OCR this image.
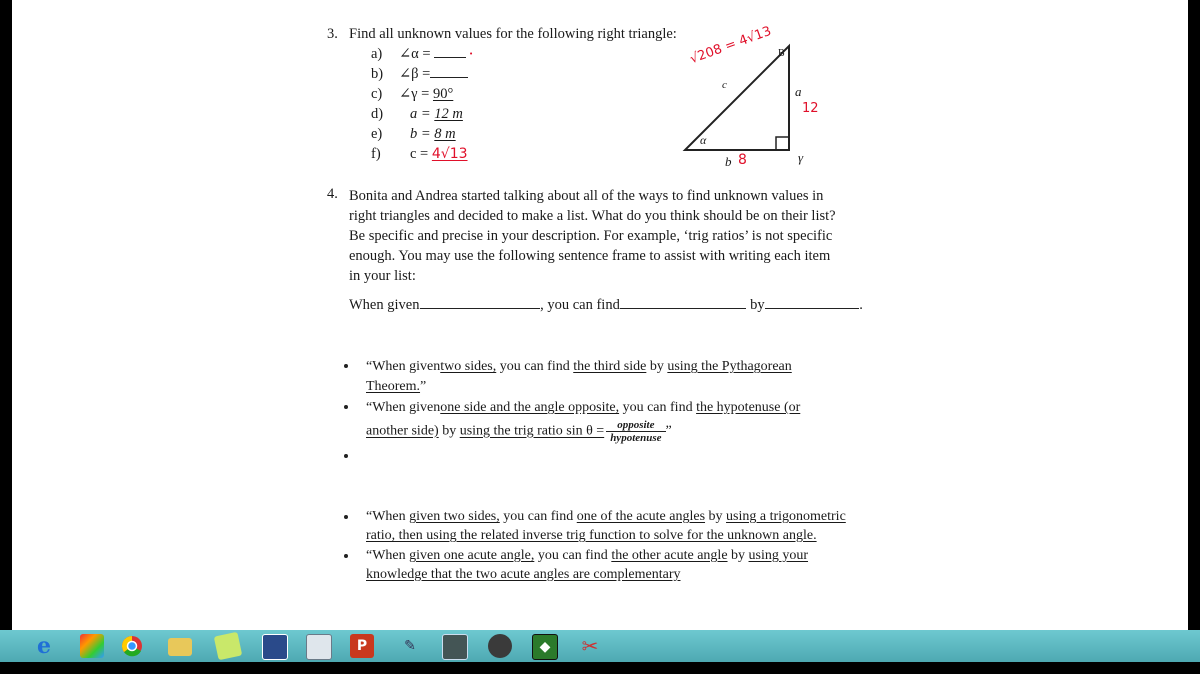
3. Find all unknown values for the following right triangle:
a) ∠α =	•
b) ∠β =
c) ∠γ = 90°
d) a = 12 m
e) b = 8 m
f) c = 4√13
√208 = 4√13
c
B
a
12
α
b 8	γ
4. Bonita and Andrea started talking about all of the ways to find unknown values in
right triangles and decided to make a list. What do you think should be on their list?
Be specific and precise in your description. For example, ‘trig ratios’ is not specific
enough. You may use the following sentence frame to assist with writing each item
in your list:
When given	, you can find	by	.
“When giventwo sides, you can find the third side by using the Pythagorean
Theorem.”
“When givenone side and the angle opposite, you can find the hypotenuse (or
another side) by using the trig ratio $\sin \theta = \frac{\text{opposite}}{\text{hypotenuse}}$ ”
“When given two sides, you can find one of the acute angles by using a trigonometric
ratio, then using the related inverse trig function to solve for the unknown angle.
“When given one acute angle, you can find the other acute angle by using your
knowledge that the two acute angles are complementary
e	P	✎	◆	✂
